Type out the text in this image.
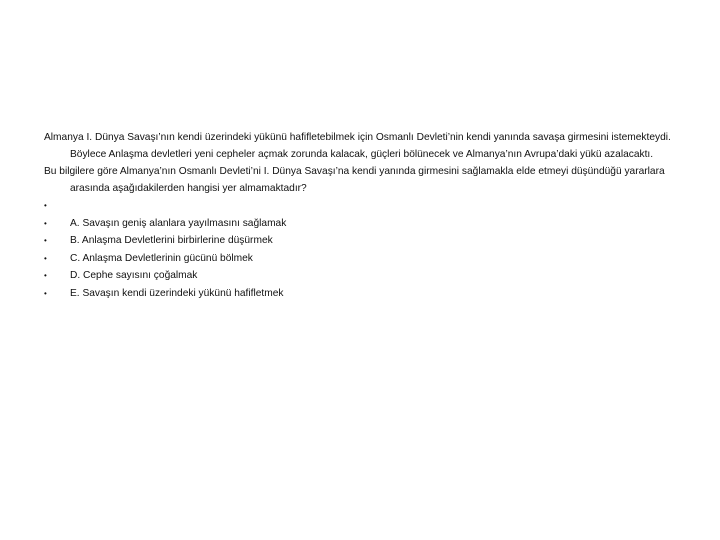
Almanya I. Dünya Savaşı’nın kendi üzerindeki yükünü hafifletebilmek için Osmanlı Devleti’nin kendi yanında savaşa girmesini istemekteydi. Böylece Anlaşma devletleri yeni cepheler açmak zorunda kalacak, güçleri bölünecek ve Almanya’nın Avrupa’daki yükü azalacaktı.

Bu bilgilere göre Almanya’nın Osmanlı Devleti’ni I. Dünya Savaşı’na kendi yanında girmesini sağlamakla elde etmeyi düşündüğü yararlara arasında aşağıdakilerden hangisi yer almamaktadır?

•
• A. Savaşın geniş alanlara yayılmasını sağlamak
• B. Anlaşma Devletlerini birbirlerine düşürmek
• C. Anlaşma Devletlerinin gücünü bölmek
• D. Cephe sayısını çoğalmak
• E. Savaşın kendi üzerindeki yükünü hafifletmek
